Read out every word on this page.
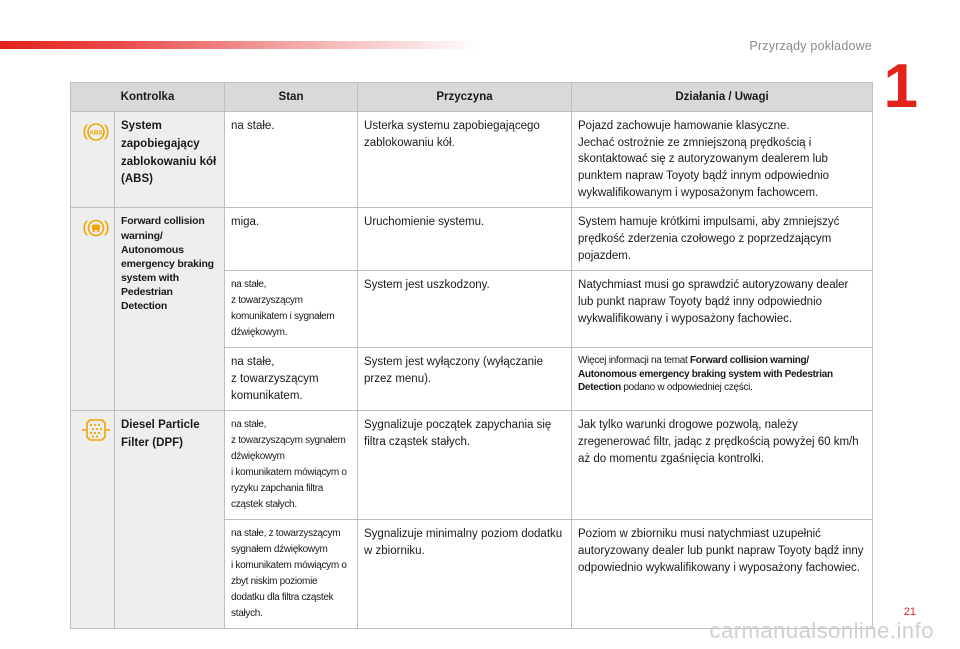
Przyrządy pokładowe
1
Kontrolka		Stan	Przyczyna	Działania / Uwagi

ABS	System zapobiegający zablokowaniu kół (ABS)	na stałe.	Usterka systemu zapobiegającego zablokowaniu kół.	Pojazd zachowuje hamowanie klasyczne.
Jechać ostrożnie ze zmniejszoną prędkością i skontaktować się z autoryzowanym dealerem lub punktem napraw Toyoty bądź innym odpowiednio wykwalifikowanym i wyposażonym fachowcem.

	Forward collision warning/ Autonomous emergency braking system with Pedestrian Detection	miga.	Uruchomienie systemu.	System hamuje krótkimi impulsami, aby zmniejszyć prędkość zderzenia czołowego z poprzedzającym pojazdem.

		na stałe,
z towarzyszącym komunikatem i sygnałem dźwiękowym.	System jest uszkodzony.	Natychmiast musi go sprawdzić autoryzowany dealer lub punkt napraw Toyoty bądź inny odpowiednio wykwalifikowany i wyposażony fachowiec.

		na stałe,
z towarzyszącym komunikatem.	System jest wyłączony (wyłączanie przez menu).	Więcej informacji na temat Forward collision warning/ Autonomous emergency braking system with Pedestrian Detection podano w odpowiedniej części.

	Diesel Particle Filter (DPF)	na stałe,
z towarzyszącym sygnałem dźwiękowym
i komunikatem mówiącym o ryzyku zapchania filtra cząstek stałych.	Sygnalizuje początek zapychania się filtra cząstek stałych.	Jak tylko warunki drogowe pozwolą, należy zregenerować filtr, jadąc z prędkością powyżej 60 km/h aż do momentu zgaśnięcia kontrolki.

		na stałe, z towarzyszącym sygnałem dźwiękowym
i komunikatem mówiącym o zbyt niskim poziomie dodatku dla filtra cząstek stałych.	Sygnalizuje minimalny poziom dodatku w zbiorniku.	Poziom w zbiorniku musi natychmiast uzupełnić autoryzowany dealer lub punkt napraw Toyoty bądź inny odpowiednio wykwalifikowany i wyposażony fachowiec.
21
carmanualsonline.info
